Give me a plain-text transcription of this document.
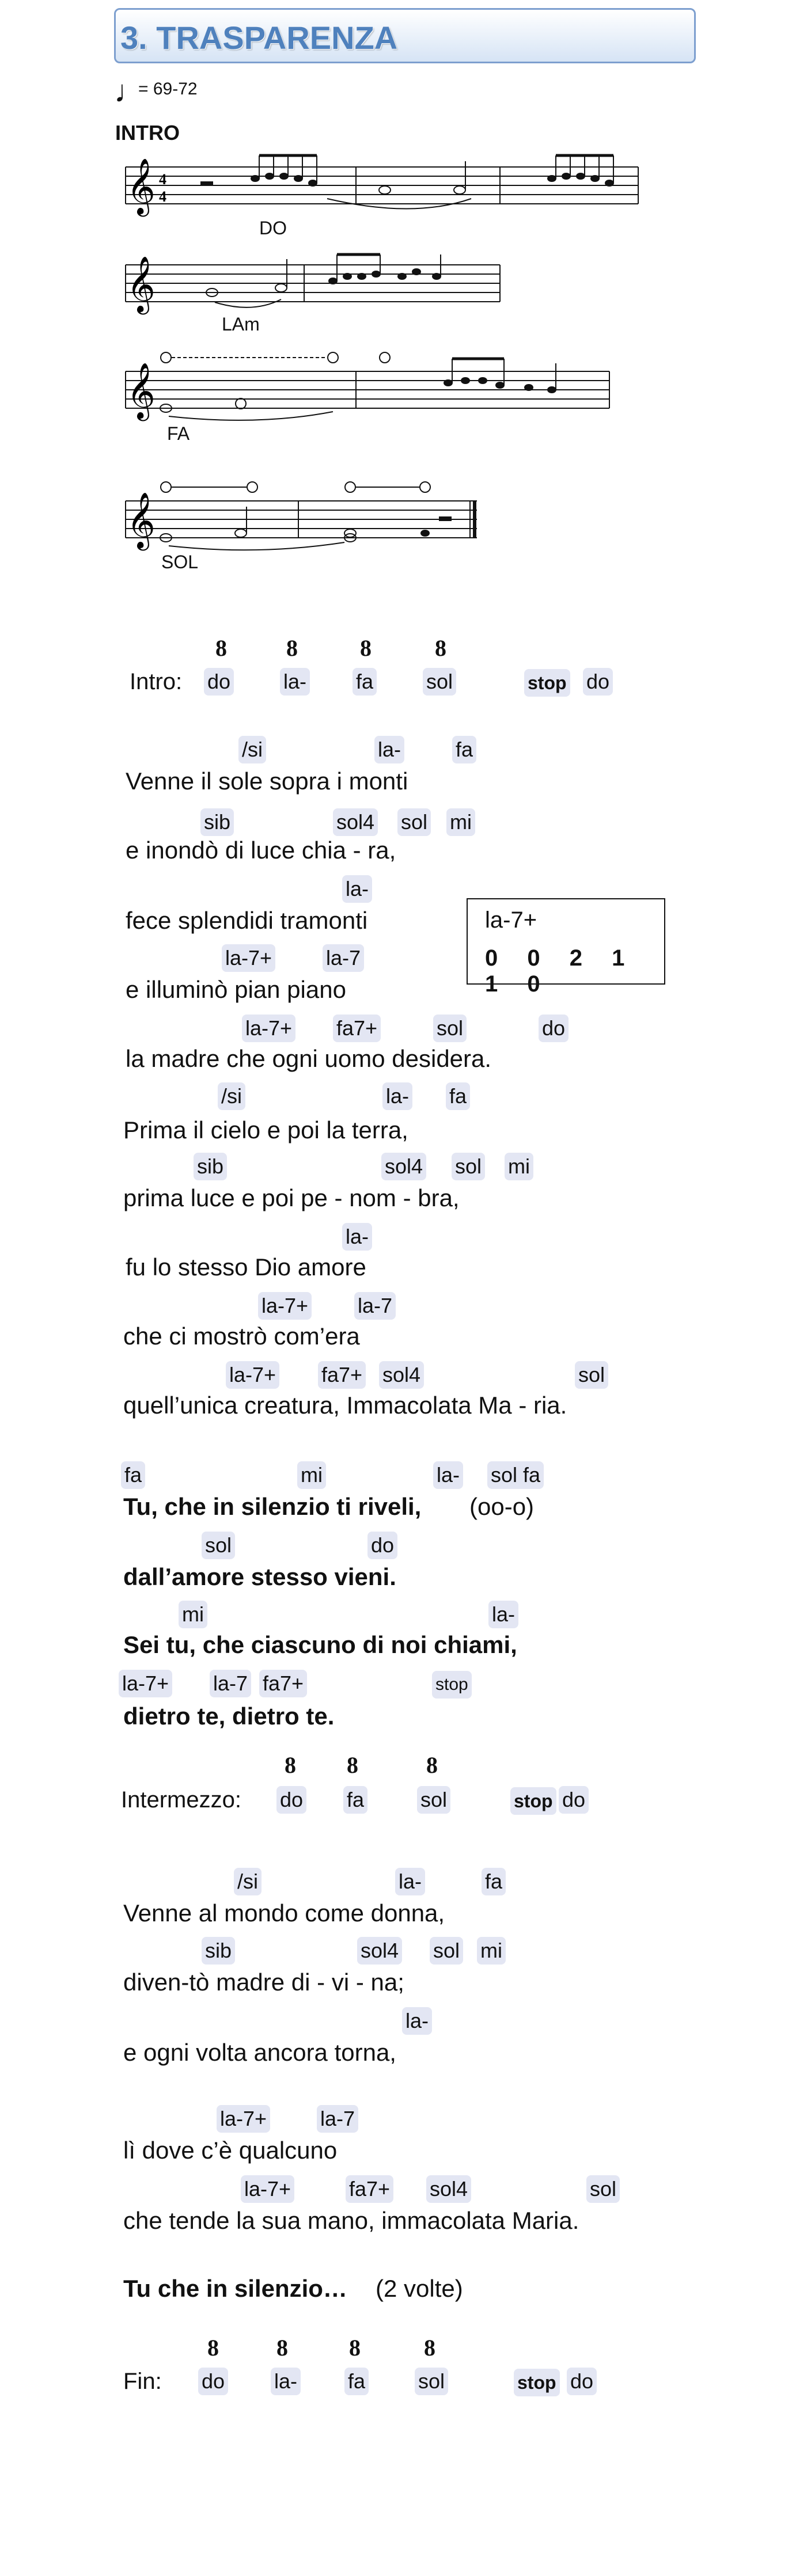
3. TRASPARENZA
♩
= 69-72
INTRO
𝄞 4
4
DO
𝄞
LAm
𝄞
FA
𝄞
SOL
8	8	8	8
Intro: do	la- fa	sol	stop do
/si	la-	fa
Venne il sole sopra i monti
sib	sol4 sol mi
e inondò di luce chia - ra,
la-
fece splendidi tramonti	la-7+
0 0 2 1 1 0
la-7+	la-7
e illuminò pian piano
la-7+ fa7+	sol	do
la madre che ogni uomo desidera.
/si	la- fa
Prima il cielo e poi la terra,
sib	sol4 sol mi
prima luce e poi pe - nom - bra,
la-
fu lo stesso Dio amore
la-7+ la-7
che ci mostrò com’era
la-7+ fa7+ sol4	sol
quell’unica creatura, Immacolata Ma - ria.
fa	mi	la- sol fa
Tu, che in silenzio ti riveli, (oo-o)
sol	do
dall’amore stesso vieni.
mi	la-
Sei tu, che ciascuno di noi chiami,
la-7+ la-7 fa7+	stop
dietro te, dietro te.
8 8	8
Intermezzo: do fa	sol	stop do
/si	la-	fa
Venne al mondo come donna,
sib	sol4 sol mi
diven-tò madre di - vi - na;
la-
e ogni volta ancora torna,
la-7+	la-7
lì dove c’è qualcuno
la-7+	fa7+ sol4	sol
che tende la sua mano, immacolata Maria.
Tu che in silenzio… (2 volte)
8	8	8	8
Fin: do la- fa	sol	stop do
